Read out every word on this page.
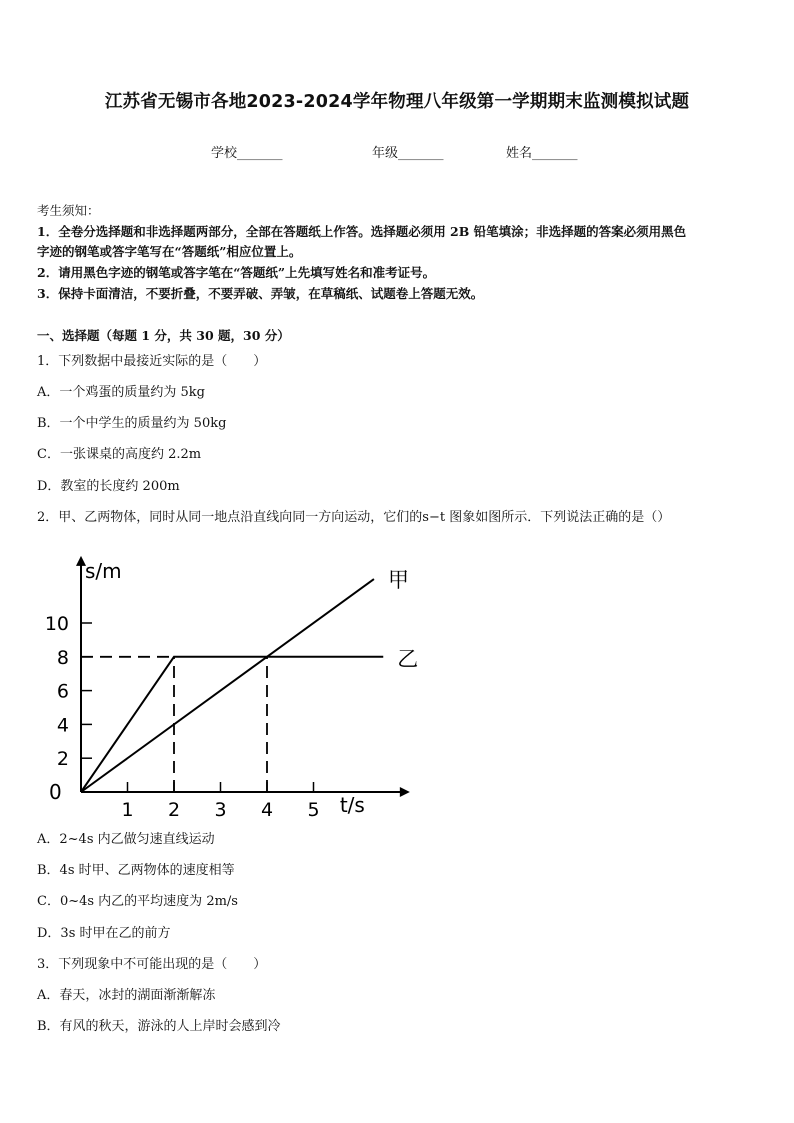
江苏省无锡市各地2023-2024学年物理八年级第一学期期末监测模拟试题
学校_______	年级_______	姓名_______
考生须知：
1．全卷分选择题和非选择题两部分，全部在答题纸上作答。选择题必须用 2B 铅笔填涂；非选择题的答案必须用黑色
字迹的钢笔或答字笔写在“答题纸”相应位置上。
2．请用黑色字迹的钢笔或答字笔在“答题纸”上先填写姓名和准考证号。
3．保持卡面清洁，不要折叠，不要弄破、弄皱，在草稿纸、试题卷上答题无效。
一、选择题（每题 1 分，共 30 题，30 分）
1．下列数据中最接近实际的是（　　）
A．一个鸡蛋的质量约为 5kg
B．一个中学生的质量约为 50kg
C．一张课桌的高度约 2.2m
D．教室的长度约 200m
2．甲、乙两物体，同时从同一地点沿直线向同一方向运动，它们的s−t 图象如图所示．下列说法正确的是（）
s/m
t/s
0
1 2 3 4 5
2
4
6
8
10
甲
乙
A．2~4s 内乙做匀速直线运动
B．4s 时甲、乙两物体的速度相等
C．0~4s 内乙的平均速度为 2m/s
D．3s 时甲在乙的前方
3．下列现象中不可能出现的是（　　）
A．春天，冰封的湖面渐渐解冻
B．有风的秋天，游泳的人上岸时会感到冷
